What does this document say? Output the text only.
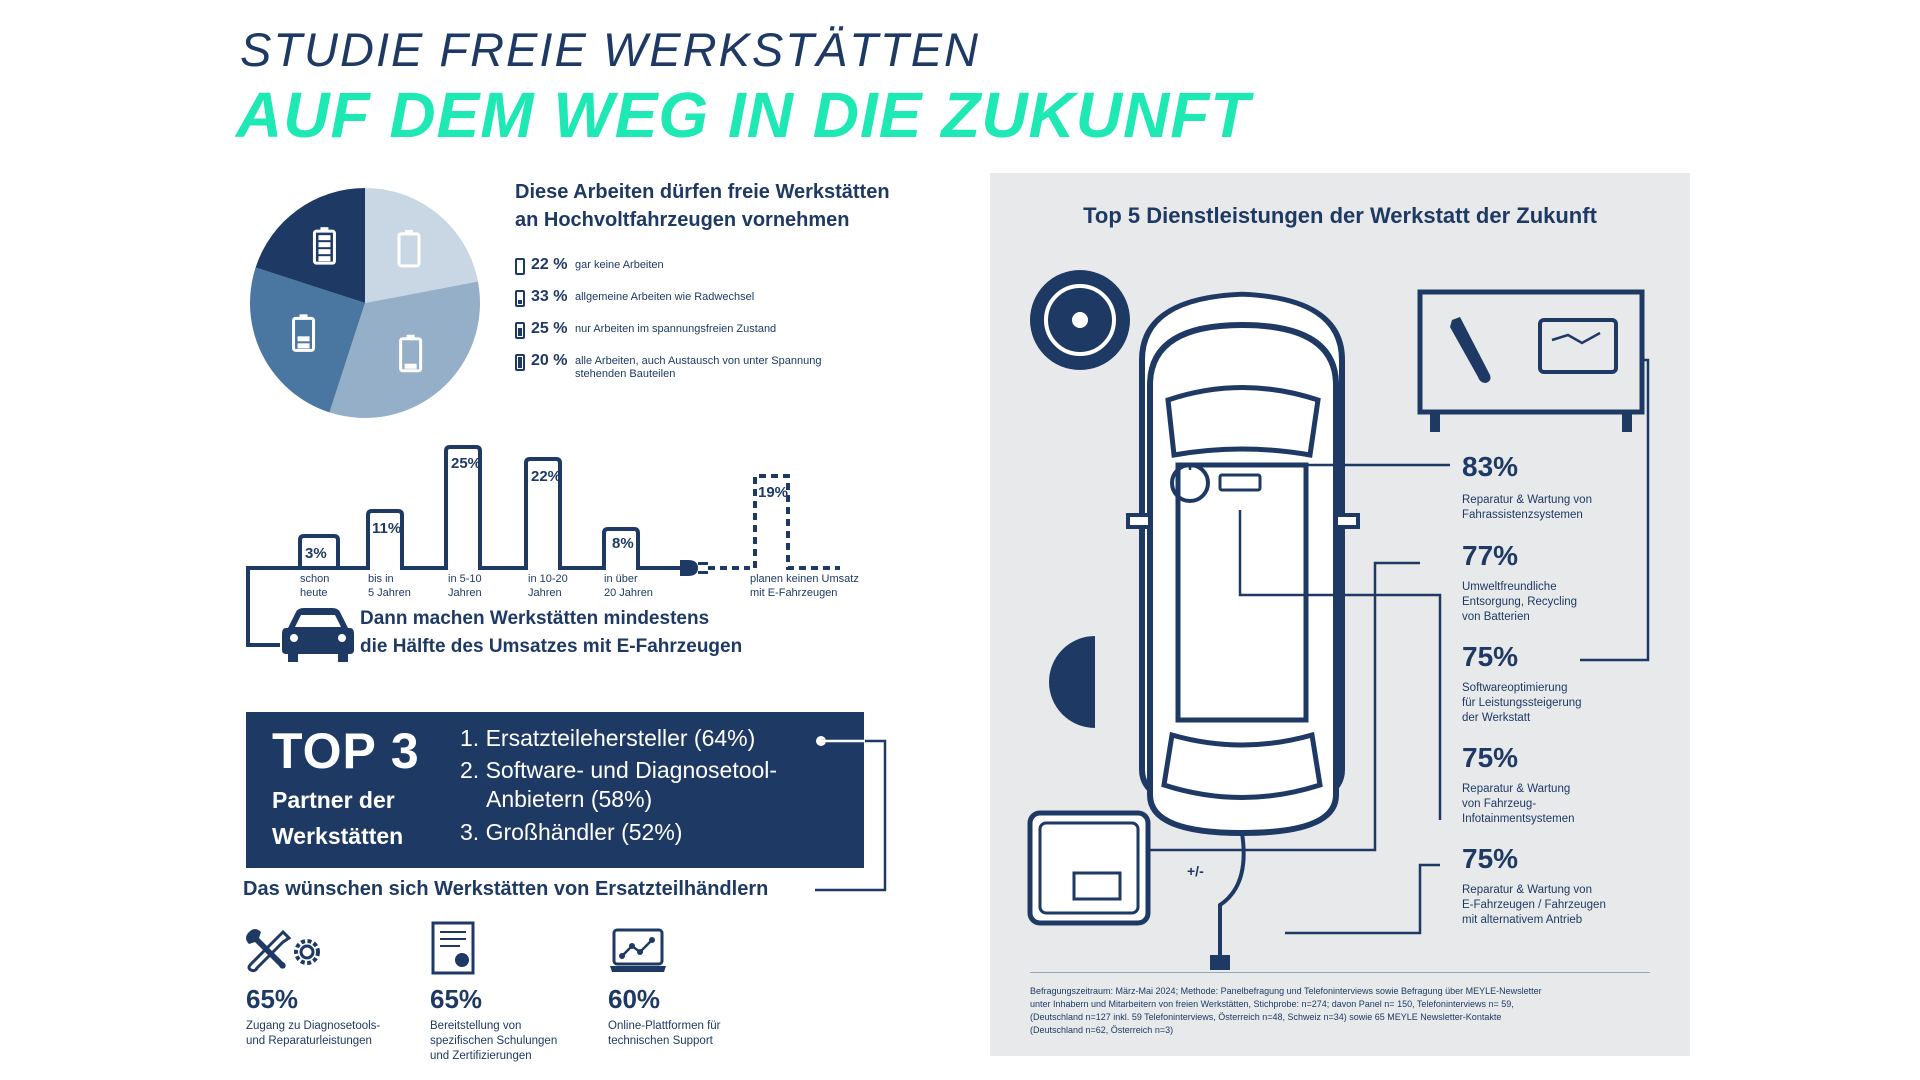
STUDIE FREIE WERKSTÄTTEN
AUF DEM WEG IN DIE ZUKUNFT
Diese Arbeiten dürfen freie Werkstätten
an Hochvoltfahrzeugen vornehmen
22 % gar keine Arbeiten
33 % allgemeine Arbeiten wie Radwechsel
25 % nur Arbeiten im spannungsfreien Zustand
20 % alle Arbeiten, auch Austausch von unter Spannung
stehenden Bauteilen
3%
11%
25%
22%
8%
19%
schon
heute
bis in
5 Jahren
in 5-10
Jahren
in 10-20
Jahren
in über
20 Jahren
planen keinen Umsatz
mit E-Fahrzeugen
Dann machen Werkstätten mindestens
die Hälfte des Umsatzes mit E-Fahrzeugen
TOP 3
Partner der
Werkstätten
1. Ersatzteilehersteller (64%)
2. Software- und Diagnosetool-
Anbietern (58%)
3. Großhändler (52%)
Das wünschen sich Werkstätten von Ersatzteilhändlern
65%	65%	60%
Zugang zu Diagnosetools-
und Reparaturleistungen
Bereitstellung von
spezifischen Schulungen
und Zertifizierungen
Online-Plattformen für
technischen Support
Top 5 Dienstleistungen der Werkstatt der Zukunft
+/-
83%
Reparatur & Wartung von
Fahrassistenzsystemen
77%
Umweltfreundliche
Entsorgung, Recycling
von Batterien
75%
Softwareoptimierung
für Leistungssteigerung
der Werkstatt
75%
Reparatur & Wartung
von Fahrzeug-
Infotainmentsystemen
75%
Reparatur & Wartung von
E-Fahrzeugen / Fahrzeugen
mit alternativem Antrieb
Befragungszeitraum: März-Mai 2024; Methode: Panelbefragung und Telefoninterviews sowie Befragung über MEYLE-Newsletter
unter Inhabern und Mitarbeitern von freien Werkstätten, Stichprobe: n=274; davon Panel n= 150, Telefoninterviews n= 59,
(Deutschland n=127 inkl. 59 Telefoninterviews, Österreich n=48, Schweiz n=34) sowie 65 MEYLE Newsletter-Kontakte
(Deutschland n=62, Österreich n=3)
